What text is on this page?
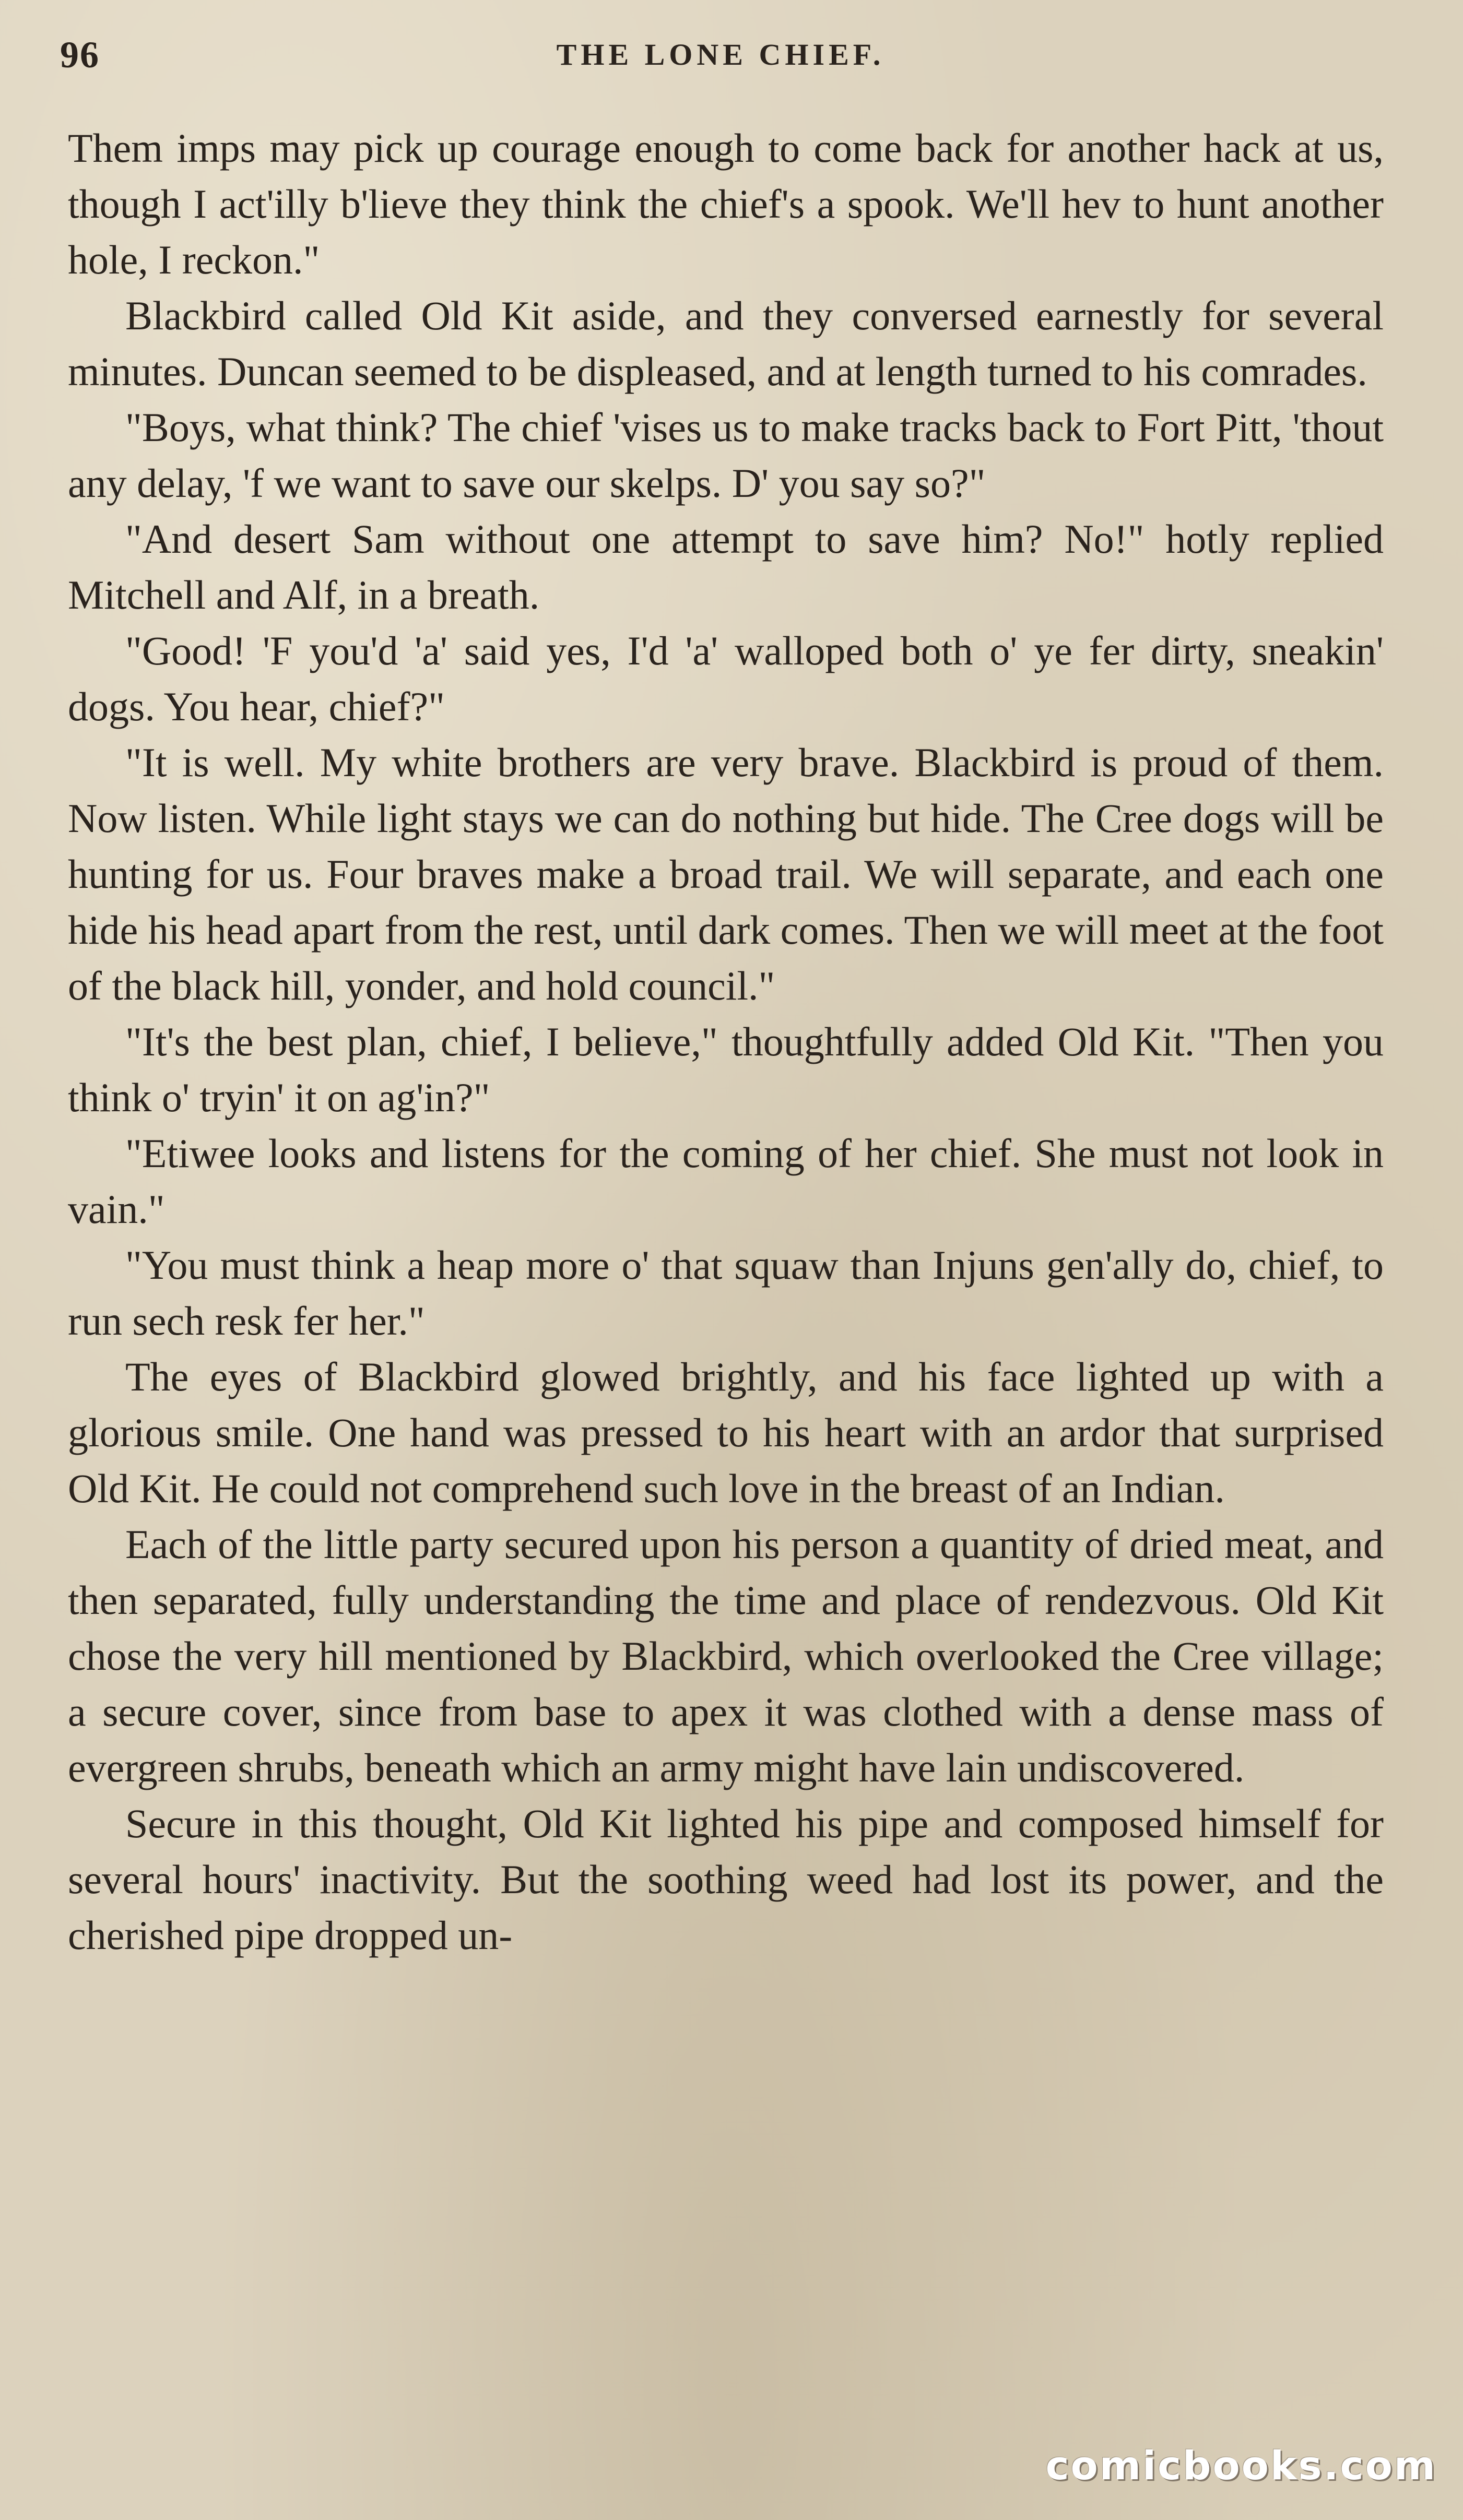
96	THE LONE CHIEF.

Them imps may pick up courage enough to come back for another hack at us, though I act'illy b'lieve they think the chief's a spook. We'll hev to hunt another hole, I reckon."

Blackbird called Old Kit aside, and they conversed earnestly for several minutes. Duncan seemed to be displeased, and at length turned to his comrades.

"Boys, what think? The chief 'vises us to make tracks back to Fort Pitt, 'thout any delay, 'f we want to save our skelps. D' you say so?"

"And desert Sam without one attempt to save him? No!" hotly replied Mitchell and Alf, in a breath.

"Good! 'F you'd 'a' said yes, I'd 'a' walloped both o' ye fer dirty, sneakin' dogs. You hear, chief?"

"It is well. My white brothers are very brave. Blackbird is proud of them. Now listen. While light stays we can do nothing but hide. The Cree dogs will be hunting for us. Four braves make a broad trail. We will separate, and each one hide his head apart from the rest, until dark comes. Then we will meet at the foot of the black hill, yonder, and hold council."

"It's the best plan, chief, I believe," thoughtfully added Old Kit. "Then you think o' tryin' it on ag'in?"

"Etiwee looks and listens for the coming of her chief. She must not look in vain."

"You must think a heap more o' that squaw than Injuns gen'ally do, chief, to run sech resk fer her."

The eyes of Blackbird glowed brightly, and his face lighted up with a glorious smile. One hand was pressed to his heart with an ardor that surprised Old Kit. He could not comprehend such love in the breast of an Indian.

Each of the little party secured upon his person a quantity of dried meat, and then separated, fully understanding the time and place of rendezvous. Old Kit chose the very hill mentioned by Blackbird, which overlooked the Cree village; a secure cover, since from base to apex it was clothed with a dense mass of evergreen shrubs, beneath which an army might have lain undiscovered.

Secure in this thought, Old Kit lighted his pipe and composed himself for several hours' inactivity. But the soothing weed had lost its power, and the cherished pipe dropped un-

comicbooks.com
